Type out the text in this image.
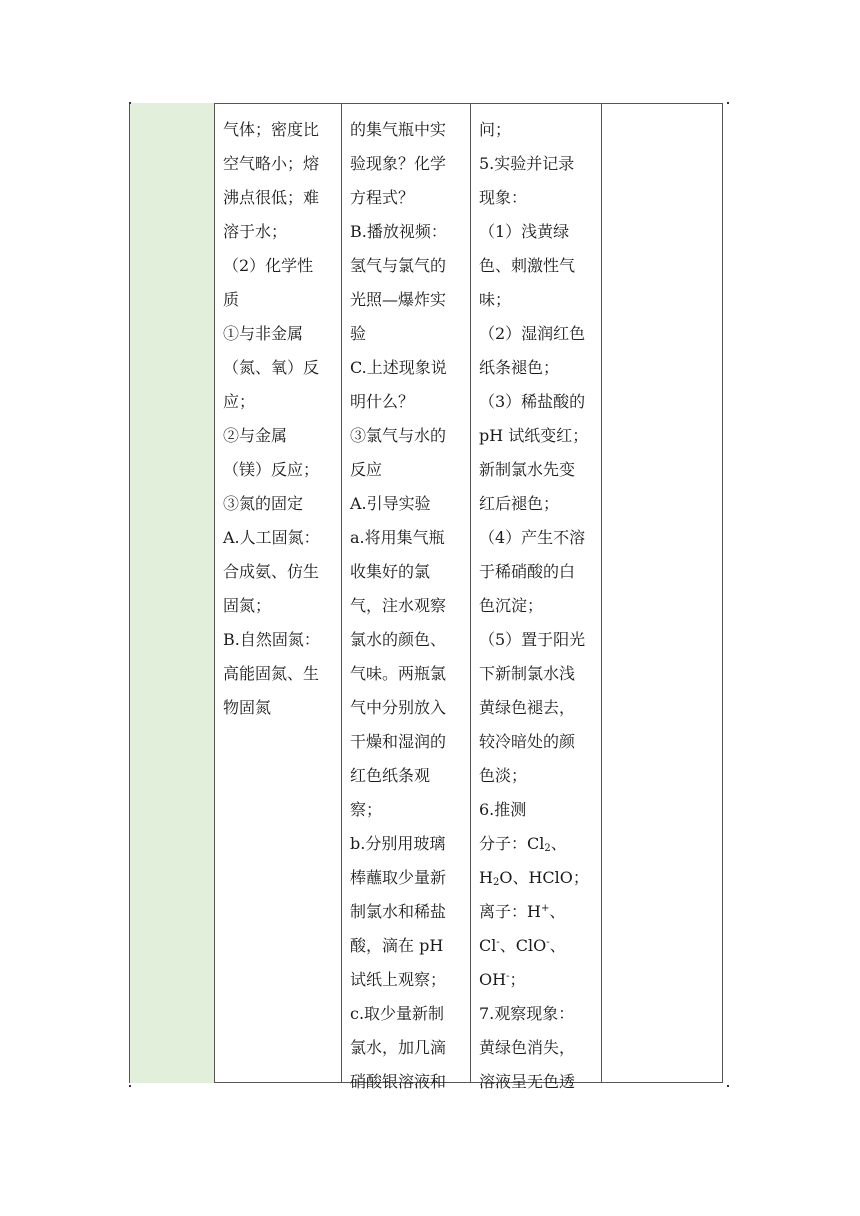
气体；密度比
空气略小；熔
沸点很低；难
溶于水；
（2）化学性
质
①与非金属
（氮、氧）反
应；
②与金属
（镁）反应；
③氮的固定
A.人工固氮：
合成氨、仿生
固氮；
B.自然固氮：
高能固氮、生
物固氮
的集气瓶中实
验现象？化学
方程式？
B.播放视频：
氢气与氯气的
光照—爆炸实
验
C.上述现象说
明什么？
③氯气与水的
反应
A.引导实验
a.将用集气瓶
收集好的氯
气，注水观察
氯水的颜色、
气味。两瓶氯
气中分别放入
干燥和湿润的
红色纸条观
察；
b.分别用玻璃
棒蘸取少量新
制氯水和稀盐
酸，滴在 pH
试纸上观察；
c.取少量新制
氯水，加几滴
硝酸银溶液和
问；
5.实验并记录
现象：
（1）浅黄绿
色、刺激性气
味；
（2）湿润红色
纸条褪色；
（3）稀盐酸的
pH 试纸变红；
新制氯水先变
红后褪色；
（4）产生不溶
于稀硝酸的白
色沉淀；
（5）置于阳光
下新制氯水浅
黄绿色褪去，
较冷暗处的颜
色淡；
6.推测
分子：$Cl_2$、
$H_2O$、HClO；
离子：H+、
Cl-、ClO-、
OH-；
7.观察现象：
黄绿色消失，
溶液呈无色透
